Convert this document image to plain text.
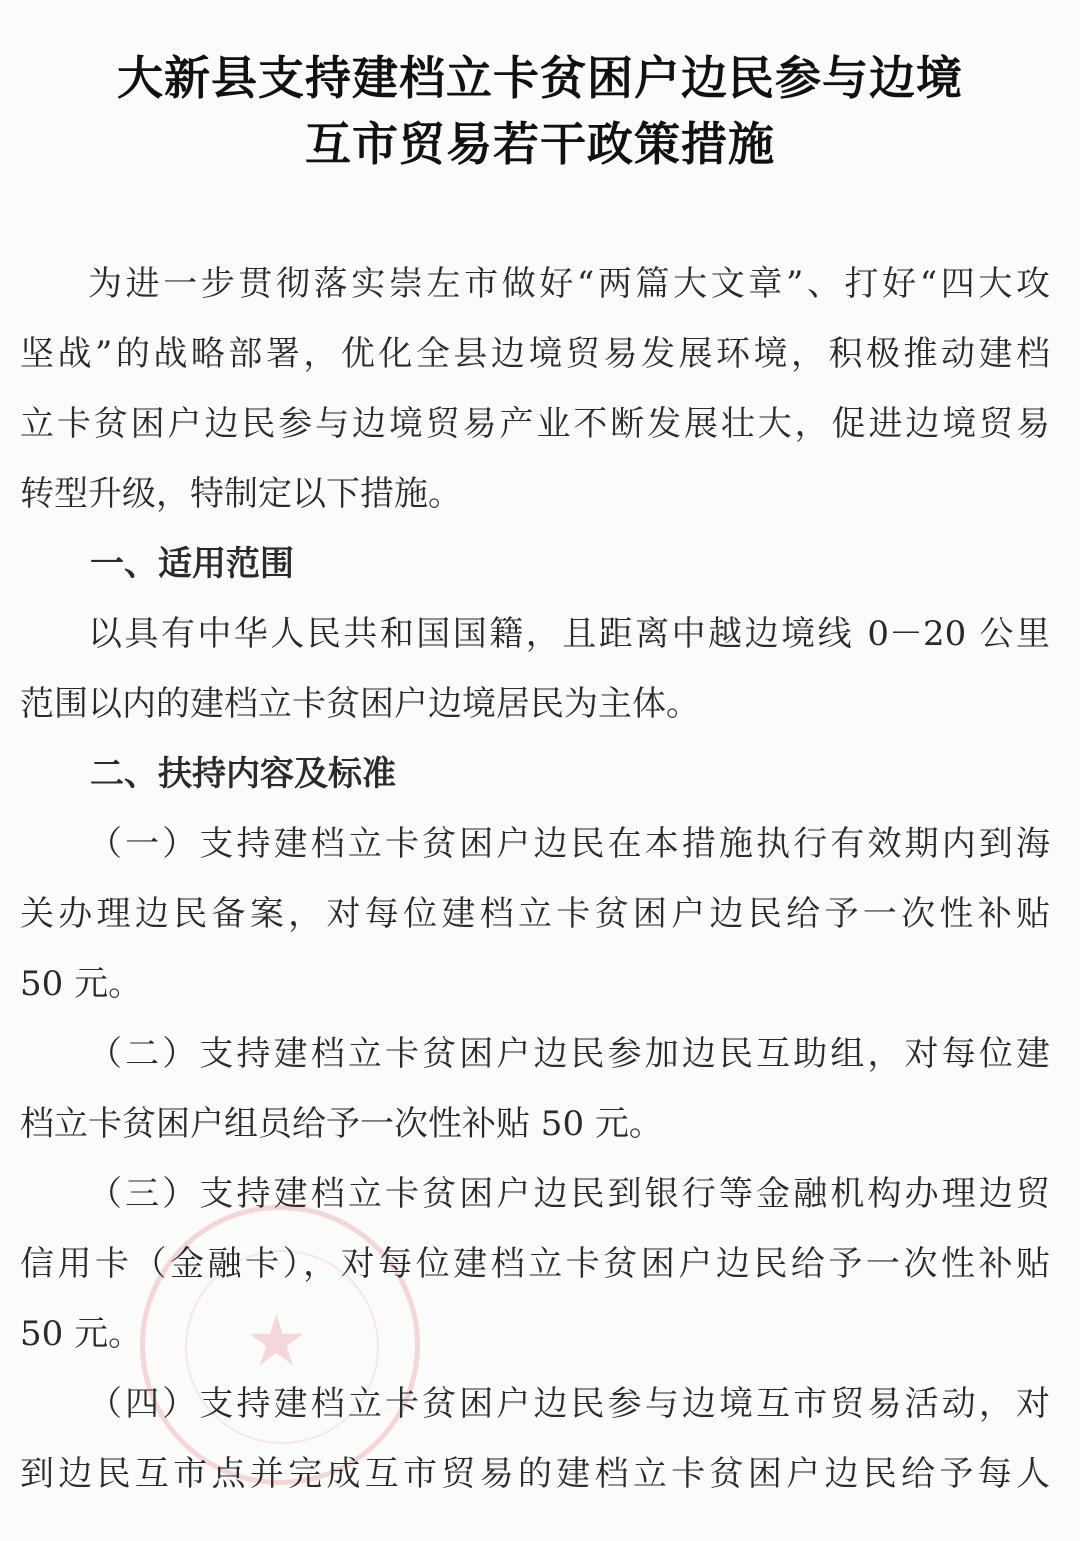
★
大新县支持建档立卡贫困户边民参与边境
互市贸易若干政策措施
为进一步贯彻落实崇左市做好“两篇大文章”、打好“四大攻
坚战”的战略部署，优化全县边境贸易发展环境，积极推动建档
立卡贫困户边民参与边境贸易产业不断发展壮大，促进边境贸易
转型升级，特制定以下措施。
一、适用范围
以具有中华人民共和国国籍，且距离中越边境线 0－20 公里
范围以内的建档立卡贫困户边境居民为主体。
二、扶持内容及标准
（一）支持建档立卡贫困户边民在本措施执行有效期内到海
关办理边民备案，对每位建档立卡贫困户边民给予一次性补贴
50 元。
（二）支持建档立卡贫困户边民参加边民互助组，对每位建
档立卡贫困户组员给予一次性补贴 50 元。
（三）支持建档立卡贫困户边民到银行等金融机构办理边贸
信用卡（金融卡），对每位建档立卡贫困户边民给予一次性补贴
50 元。
（四）支持建档立卡贫困户边民参与边境互市贸易活动，对
到边民互市点并完成互市贸易的建档立卡贫困户边民给予每人
